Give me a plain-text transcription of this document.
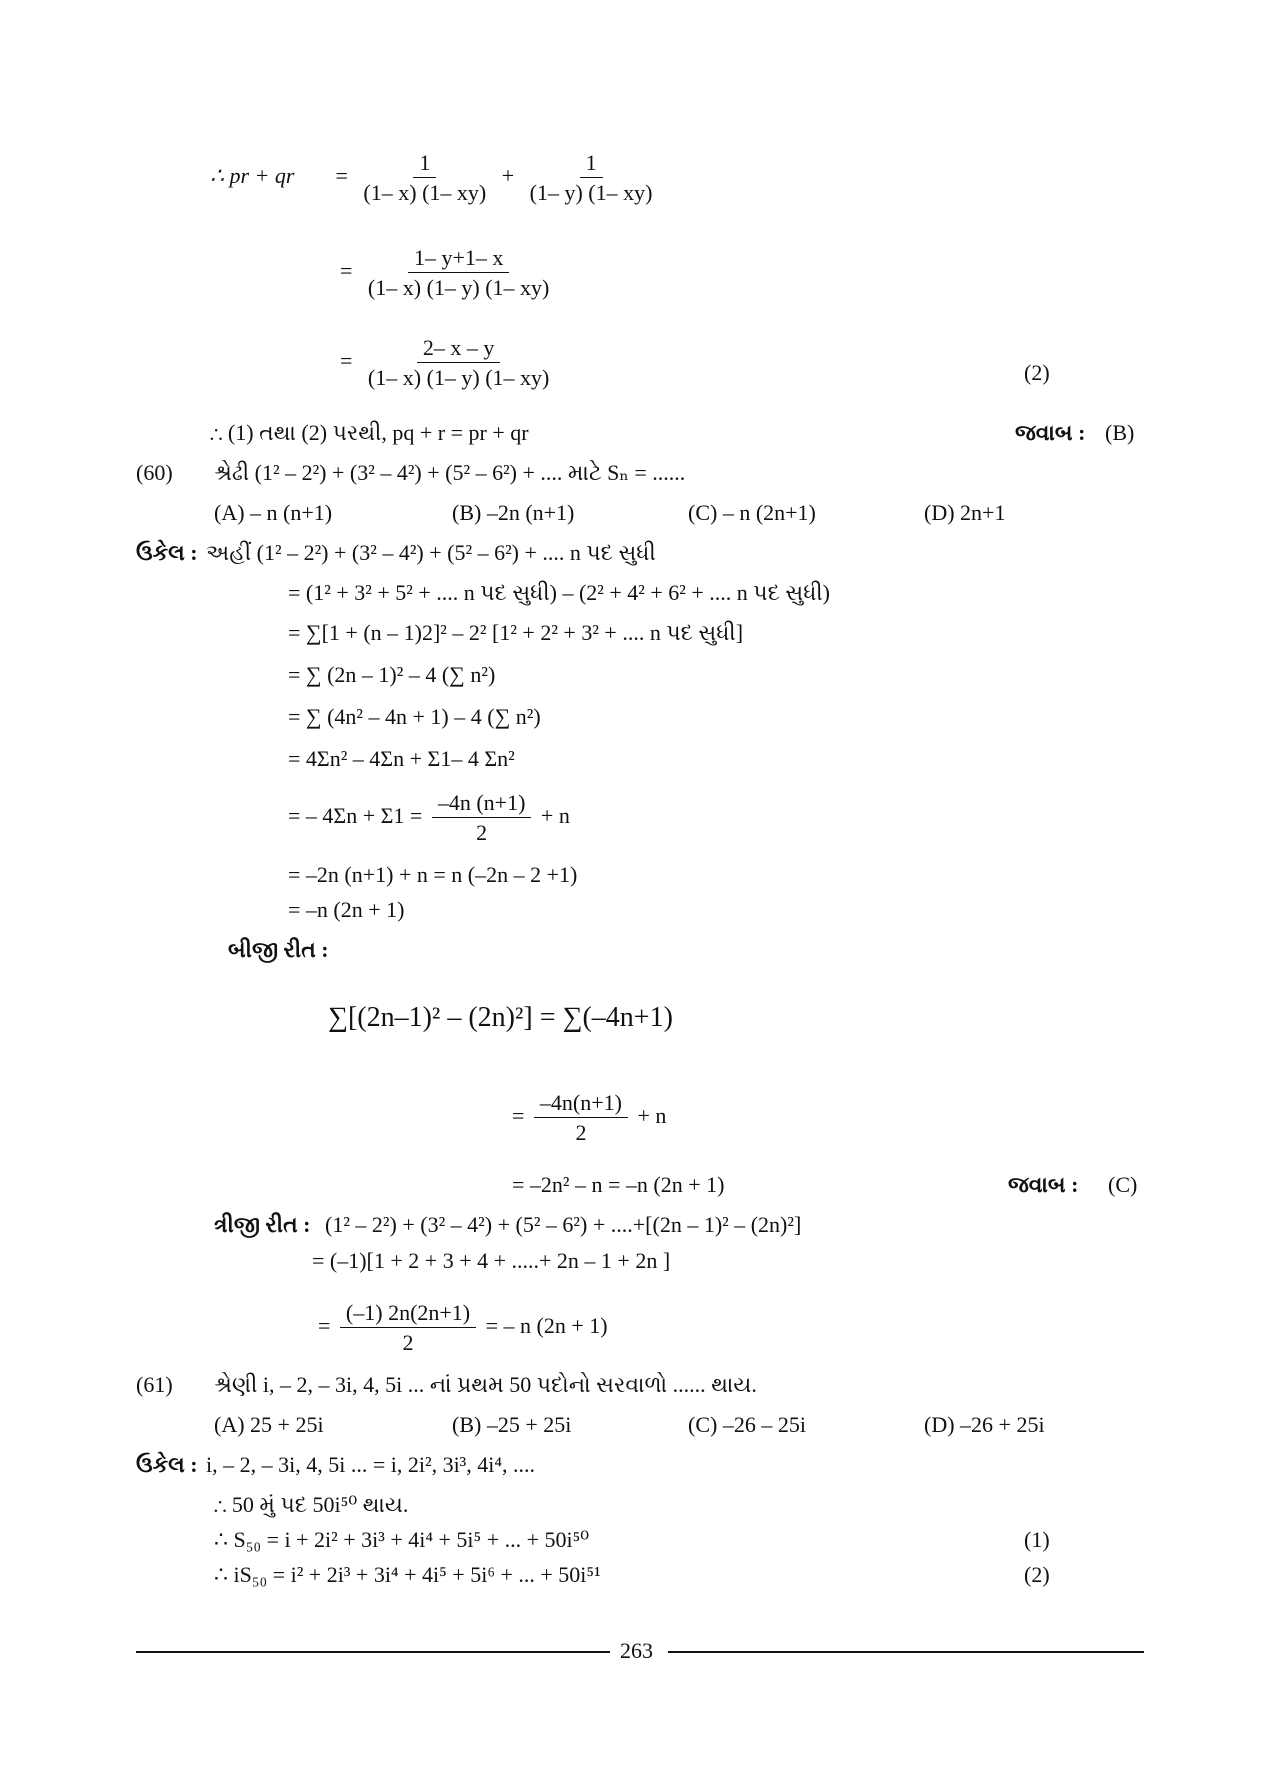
∴ pr + qr = $\frac{1}{(1- x) (1- xy)} + \frac{1}{(1- y) (1- xy)}$
= $\frac{1- y+1- x}{(1- x) (1- y) (1- xy)}$
= $\frac{2- x - y}{(1- x) (1- y) (1- xy)}$	(2)
∴ (1) તથા (2) પરથી, pq + r = pr + qr	જવાબ : (B)
(60) શ્રેઢી (1² – 2²) + (3² – 4²) + (5² – 6²) + .... માટે Sₙ = ......
(A) – n (n+1)	(B) –2n (n+1)	(C) – n (2n+1)	(D) 2n+1
ઉકેલ : અહીં (1² – 2²) + (3² – 4²) + (5² – 6²) + .... n પદ સુધી
= (1² + 3² + 5² + .... n પદ સુધી) – (2² + 4² + 6² + .... n પદ સુધી)
= ∑[1 + (n – 1)2]² – 2² [1² + 2² + 3² + .... n પદ સુધી]
= ∑ (2n – 1)² – 4 (∑ n²)
= ∑ (4n² – 4n + 1) – 4 (∑ n²)
= 4Σn² – 4Σn + Σ1– 4 Σn²
= – $4\Sigma n + \Sigma 1 = \frac{-4n (n+1)}{2} + n$
= –2n (n+1) + n = n (–2n – 2 +1)
= –n (2n + 1)
બીજી રીત :
∑[(2n–1)² – (2n)²] = ∑(–4n+1)
= $\frac{-4n(n+1)}{2} + n$
= –2n² – n = –n (2n + 1)	જવાબ : (C)
ત્રીજી રીત : (1² – 2²) + (3² – 4²) + (5² – 6²) + ....+[(2n – 1)² – (2n)²]
= (–1)[1 + 2 + 3 + 4 + .....+ 2n – 1 + 2n ]
= $\frac{(-1) 2n(2n+1)}{2}$ = – n (2n + 1)
(61) શ્રેણી i, – 2, – 3i, 4, 5i ... નાં પ્રથમ 50 પદોનો સરવાળો ...... થાય.
(A) 25 + 25i	(B) –25 + 25i	(C) –26 – 25i	(D) –26 + 25i
ઉકેલ : i, – 2, – 3i, 4, 5i ... = i, 2i², 3i³, 4i⁴, ....
∴ 50 મું પદ 50i⁵⁰ થાય.
∴ S₅₀ = i + 2i² + 3i³ + 4i⁴ + 5i⁵ + ... + 50i⁵⁰	(1)
∴ iS₅₀ = i² + 2i³ + 3i⁴ + 4i⁵ + 5i⁶ + ... + 50i⁵¹	(2)
263
